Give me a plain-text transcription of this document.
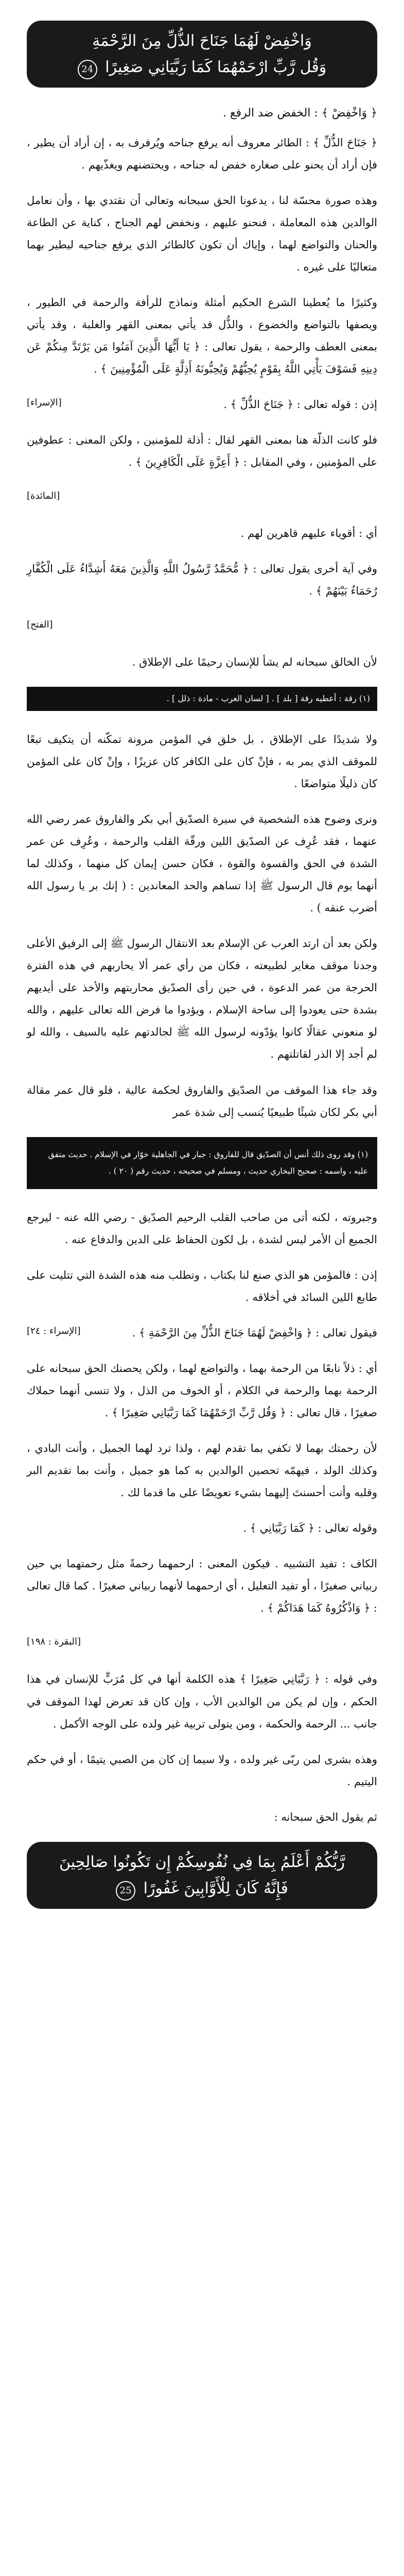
وَاخْفِضْ لَهُمَا جَنَاحَ الذُّلِّ مِنَ الرَّحْمَةِ
وَقُل رَّبِّ ارْحَمْهُمَا كَمَا رَبَّيَانِي صَغِيرًا 24
﴿ وَاخْفِضْ ﴾ : الخفض ضد الرفع .

﴿ جَنَاحَ الذُّلِّ ﴾ : الطائر معروف أنه يرفع جناحه ويُرفرف به ، إن أراد أن يطير ، فإن أراد أن يحنو على صغاره خفض له جناحه ، ويحتضنهم ويغذّيهم .

وهذه صورة محسّة لنا ، يدعونا الحق سبحانه وتعالى أن نقتدي بها ، وأن نعامل الوالدين هذه المعاملة ، فنحنو عليهم ، ونخفض لهم الجناح ، كناية عن الطاعة والحنان والتواضع لهما ، وإياك أن تكون كالطائر الذي يرفع جناحيه ليطير بهما متعاليًا على غيره .

وكثيرًا ما يُعطينا الشرع الحكيم أمثلة ونماذج للرأفة والرحمة في الطيور ، ويصفها بالتواضع والخضوع ، والذُّل قد يأتي بمعنى القهر والغلبة ، وقد يأتي بمعنى العطف والرحمة ، يقول تعالى : ﴿ يَا أَيُّهَا الَّذِينَ آمَنُوا مَن يَرْتَدَّ مِنكُمْ عَن دِينِهِ فَسَوْفَ يَأْتِي اللَّهُ بِقَوْمٍ يُحِبُّهُمْ وَيُحِبُّونَهُ أَذِلَّةٍ عَلَى الْمُؤْمِنِينَ ﴾ .

إذن : قوله تعالى : ﴿ جَنَاحَ الذُّلِّ ﴾ .
[الإسراء]

فلو كانت الذلّة هنا بمعنى القهر لقال : أذلة للمؤمنين ، ولكن المعنى : عطوفين على المؤمنين ، وفي المقابل : ﴿ أَعِزَّةٍ عَلَى الْكَافِرِينَ ﴾ .

[المائدة]

أي : أقوياء عليهم قاهرين لهم .

وفي آية أخرى يقول تعالى : ﴿ مُّحَمَّدٌ رَّسُولُ اللَّهِ وَالَّذِينَ مَعَهُ أَشِدَّاءُ عَلَى الْكُفَّارِ رُحَمَاءُ بَيْنَهُمْ ﴾ .

[الفتح]

لأن الخالق سبحانه لم يشأ للإنسان رحيمًا على الإطلاق .

(١) رقة : أعطيه رقة [ بلد ] . [ لسان العرب - مادة : ذلل ] .

ولا شديدًا على الإطلاق ، بل خلق في المؤمن مرونة تمكّنه أن يتكيف تبعًا للموقف الذي يمر به ، فإنْ كان على الكافر كان عزيزًا ، وإنْ كان على المؤمن كان ذليلًا متواضعًا .

ونرى وضوح هذه الشخصية في سيرة الصدّيق أبي بكر والفاروق عمر رضي الله عنهما ، فقد عُرِف عن الصدّيق اللين ورقّة القلب والرحمة ، وعُرِف عن عمر الشدة في الحق والقسوة والقوة ، فكان حسن إيمان كل منهما ، وكذلك لما أنهما يوم قال الرسول ﷺ إذا تساهم والحد المعاندين : ( إنك بر يا رسول الله أضرب عنقه ) .

ولكن بعد أن ارتد العرب عن الإسلام بعد الانتقال الرسول ﷺ إلى الرفيق الأعلى وجدنا موقف مغاير لطبيعته ، فكان من رأي عمر ألا يحاربهم في هذه الفترة الحرجة من عمر الدعوة ، في حين رأى الصدّيق محاربتهم والأخذ على أيديهم بشدة حتى يعودوا إلى ساحة الإسلام ، ويؤدوا ما فرض الله تعالى عليهم ، والله لو منعوني عقالًا كانوا يؤدّونه لرسول الله ﷺ لجالدتهم عليه بالسيف ، والله لو لم أجد إلا الذر لقاتلتهم .

وقد جاء هذا الموقف من الصدّيق والفاروق لحكمة عالية ، فلو قال عمر مقالة أبي بكر لكان شيئًا طبيعيًا يُنسب إلى شدة عمر

(١) وقد روى ذلك أنس أن الصدّيق قال للفاروق : جبار في الجاهلية خوّار في الإسلام . حديث متفق عليه ، واسمه : صحيح البخاري حديث ، ومسلم في صحيحه ، حديث رقم ( ٢٠ ) .

وجبروته ، لكنه أتى من صاحب القلب الرحيم الصدّيق - رضي الله عنه - ليرجع الجميع أن الأمر ليس لشدة ، بل لكون الحفاظ على الدين والدفاع عنه .

إذن : فالمؤمن هو الذي صنع لنا بكتاب ، وتطلب منه هذه الشدة التي تتليت على طابع اللين السائد في أخلاقه .

فيقول تعالى : ﴿ وَاخْفِضْ لَهُمَا جَنَاحَ الذُّلِّ مِنَ الرَّحْمَةِ ﴾ .
[الإسراء : ٢٤]

أي : ذلاً نابعًا من الرحمة بهما ، والتواضع لهما ، ولكن يحصنك الحق سبحانه على الرحمة بهما والرحمة في الكلام ، أو الخوف من الذل ، ولا تنسى أنهما حملاك صغيرًا ، قال تعالى : ﴿ وَقُل رَّبِّ ارْحَمْهُمَا كَمَا رَبَّيَانِي صَغِيرًا ﴾ .

لأن رحمتك بهما لا تكفي بما تقدم لهم ، ولذا ترد لهما الجميل ، وأنت البادي ، وكذلك الولد ، فيهمّه تحصين الوالدين به كما هو جميل ، وأنت بما تقديم البر وقلبه وأنت أحسنتَ إليهما بشيء تعويضًا على ما قدما لك .

وقوله تعالى : ﴿ كَمَا رَبَّيَانِي ﴾ .

الكاف : تفيد التشبيه . فيكون المعنى : ارحمهما رحمةً مثل رحمتهما بي حين ربياني صغيرًا ، أو تفيد التعليل ، أي ارحمهما لأنهما ربياني صغيرًا . كما قال تعالى : ﴿ وَاذْكُرُوهُ كَمَا هَدَاكُمْ ﴾ .

[البقرة : ١٩٨]

وفي قوله : ﴿ رَبَّيَانِي صَغِيرًا ﴾ هذه الكلمة أنها في كل مُرَبٍّ للإنسان في هذا الحكم ، وإن لم يكن من الوالدين الأب ، وإن كان قد تعرض لهذا الموقف في جانب ... الرحمة والحكمة ، ومن يتولى تربية غير ولده على الوجه الأكمل .

وهذه بشرى لمن ربّى غير ولده ، ولا سيما إن كان من الصبي يتيمًا ، أو في حكم اليتيم .

ثم يقول الحق سبحانه :

رَّبُّكُمْ أَعْلَمُ بِمَا فِي نُفُوسِكُمْ إِن تَكُونُوا صَالِحِينَ
فَإِنَّهُ كَانَ لِلْأَوَّابِينَ غَفُورًا 25
